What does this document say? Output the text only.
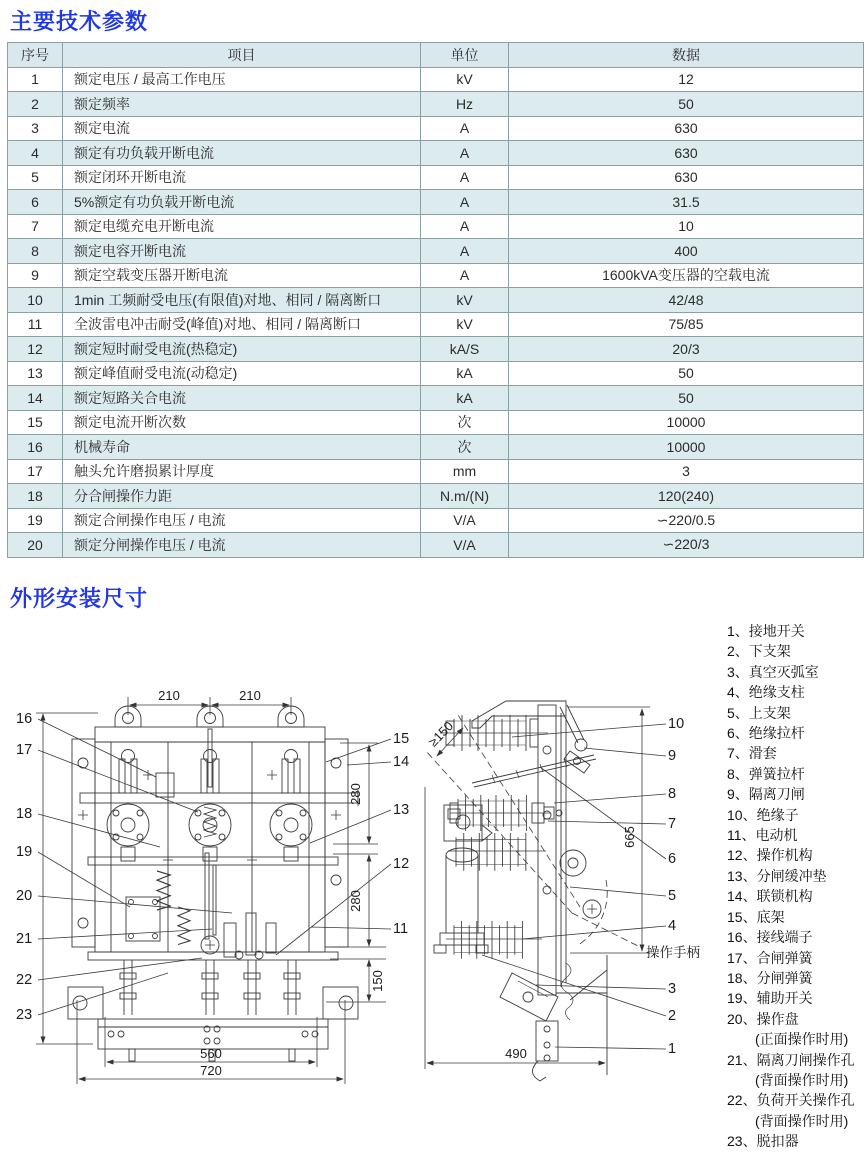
主要技术参数
序号	项目	单位	数据
1	额定电压 / 最高工作电压	kV	12
2	额定频率	Hz	50
3	额定电流	A	630
4	额定有功负载开断电流	A	630
5	额定闭环开断电流	A	630
6	5%额定有功负载开断电流	A	31.5
7	额定电缆充电开断电流	A	10
8	额定电容开断电流	A	400
9	额定空载变压器开断电流	A	1600kVA变压器的空载电流
10	1min 工频耐受电压(有限值)对地、相同 / 隔离断口	kV	42/48
11	全波雷电冲击耐受(峰值)对地、相同 / 隔离断口	kV	75/85
12	额定短时耐受电流(热稳定)	kA/S	20/3
13	额定峰值耐受电流(动稳定)	kA	50
14	额定短路关合电流	kA	50
15	额定电流开断次数	次	10000
16	机械寿命	次	10000
17	触头允许磨损累计厚度	mm	3
18	分合闸操作力距	N.m/(N)	120(240)
19	额定合闸操作电压 / 电流	V/A	∽220/0.5
20	额定分闸操作电压 / 电流	V/A	∽220/3
外形安装尺寸
210	210
280
280
150
560
720
16
17
18
19
20
21
22
23
15
14
13
12
11
≥150
665
490
10
9
8
7
6
5
4
3
2
1
操作手柄
1、接地开关
2、下支架
3、真空灭弧室
4、绝缘支柱
5、上支架
6、绝缘拉杆
7、滑套
8、弹簧拉杆
9、隔离刀闸
10、绝缘子
11、电动机
12、操作机构
13、分闸缓冲垫
14、联锁机构
15、底架
16、接线端子
17、合闸弹簧
18、分闸弹簧
19、辅助开关
20、操作盘
　　(正面操作时用)
21、隔离刀闸操作孔
　　(背面操作时用)
22、负荷开关操作孔
　　(背面操作时用)
23、脱扣器
